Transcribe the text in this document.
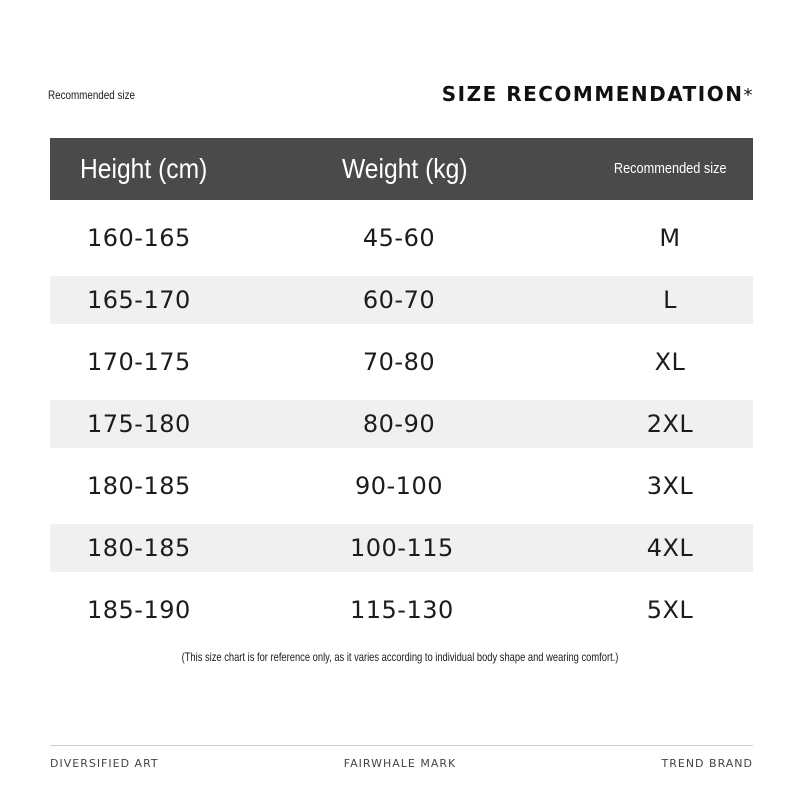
Recommended size	SIZE RECOMMENDATION*
Height (cm)	Weight (kg)	Recommended size
160-165	45-60	M
165-170	60-70	L
170-175	70-80	XL
175-180	80-90	2XL
180-185	90-100	3XL
180-185	100-115	4XL
185-190	115-130	5XL
(This size chart is for reference only, as it varies according to individual body shape and wearing comfort.)
DIVERSIFIED ART	FAIRWHALE MARK	TREND BRAND
